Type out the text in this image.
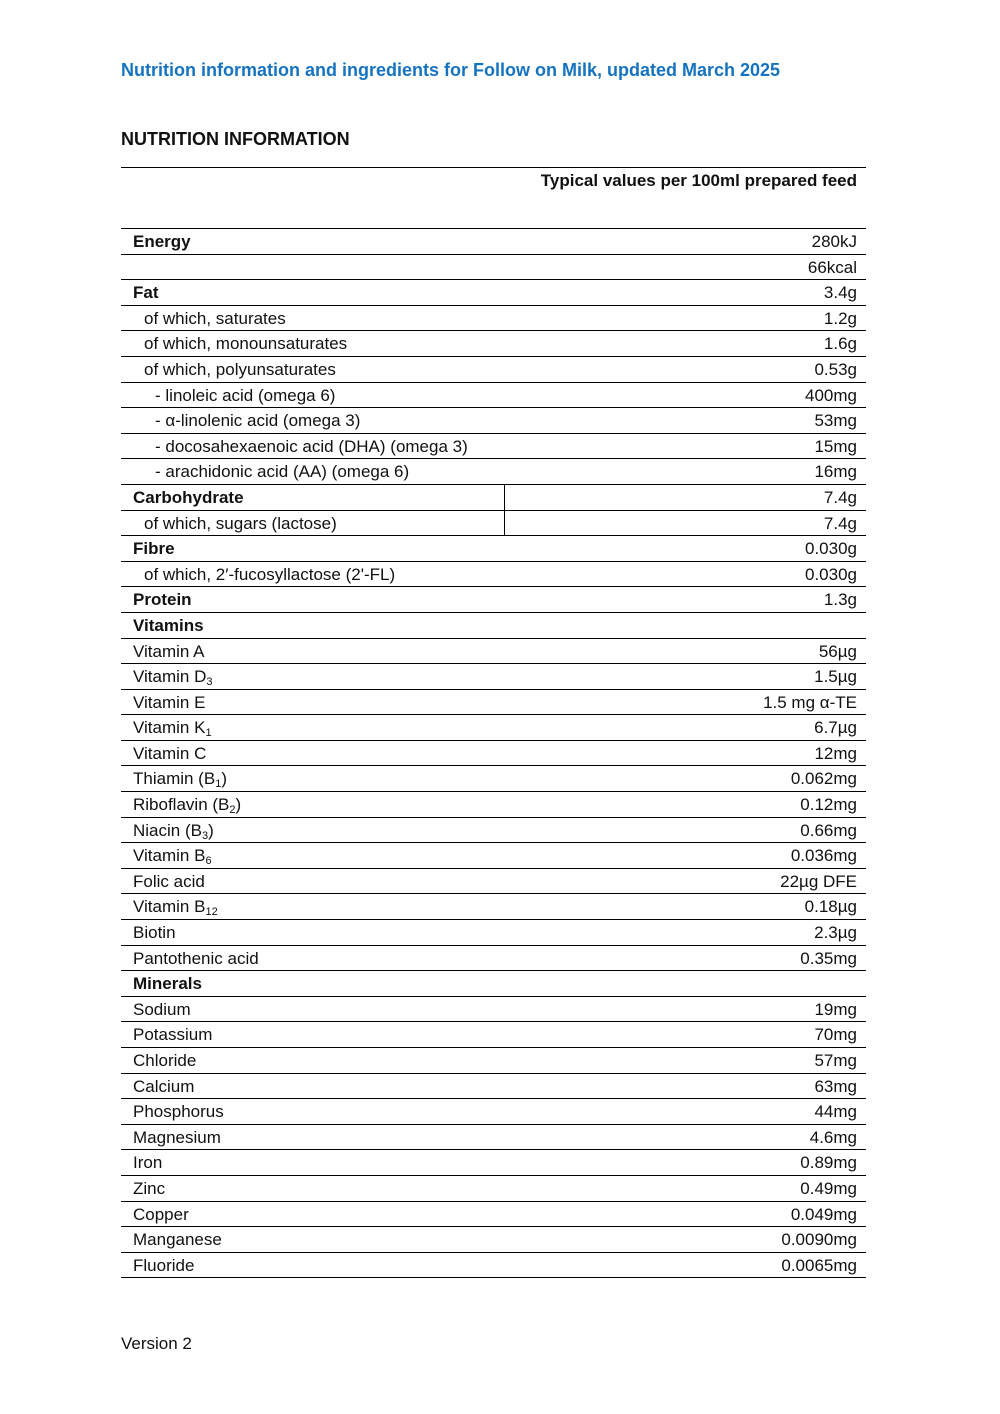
Nutrition information and ingredients for Follow on Milk, updated March 2025
NUTRITION INFORMATION
Typical values per 100ml prepared feed
Energy	280kJ
66kcal
Fat	3.4g
of which, saturates	1.2g
of which, monounsaturates	1.6g
of which, polyunsaturates	0.53g
- linoleic acid (omega 6)	400mg
- α-linolenic acid (omega 3)	53mg
- docosahexaenoic acid (DHA) (omega 3)	15mg
- arachidonic acid (AA) (omega 6)	16mg
Carbohydrate	7.4g
of which, sugars (lactose)	7.4g
Fibre	0.030g
of which, 2′-fucosyllactose (2'-FL)	0.030g
Protein	1.3g
Vitamins
Vitamin A	56µg
Vitamin $D_3$	1.5µg
Vitamin E	1.5 mg α-TE
Vitamin $K_1$	6.7µg
Vitamin C	12mg
Thiamin $(B_1)$	0.062mg
Riboflavin $(B_2)$	0.12mg
Niacin $(B_3)$	0.66mg
Vitamin $B_6$	0.036mg
Folic acid	22µg DFE
Vitamin $B_{12}$	0.18µg
Biotin	2.3µg
Pantothenic acid	0.35mg
Minerals
Sodium	19mg
Potassium	70mg
Chloride	57mg
Calcium	63mg
Phosphorus	44mg
Magnesium	4.6mg
Iron	0.89mg
Zinc	0.49mg
Copper	0.049mg
Manganese	0.0090mg
Fluoride	0.0065mg
Version 2
